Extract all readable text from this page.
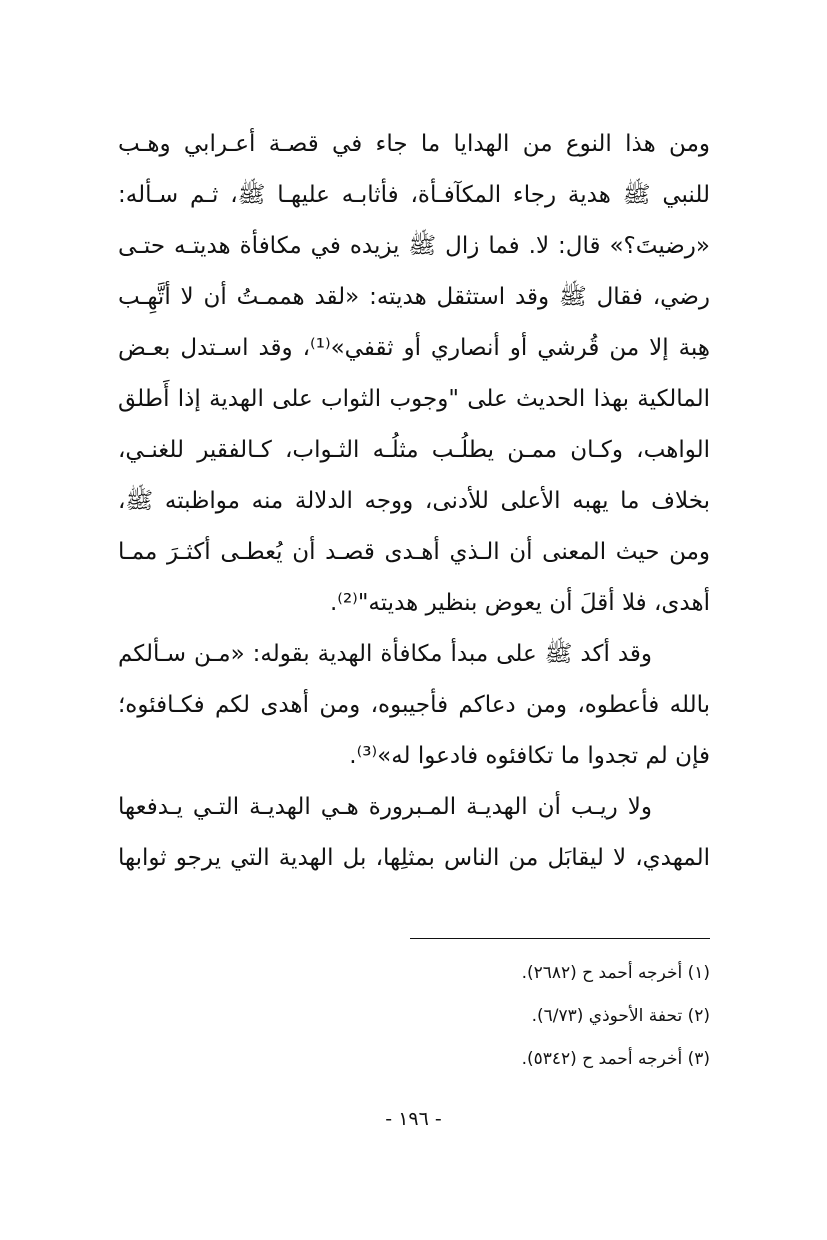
ومن هذا النوع من الهدايا ما جاء في قصـة أعـرابي وهـب
للنبي ﷺ هدية رجاء المكآفـأة، فأثابـه عليهـا ﷺ، ثـم سـأله:
«رضيتَ؟» قال: لا. فما زال ﷺ يزيده في مكافأة هديتـه حتـى
رضي، فقال ﷺ وقد استثقل هديته: «لقد هممـتُ أن لا أتَّهِـب
هِبة إلا من قُرشي أو أنصاري أو ثقفي»⁽¹⁾، وقد اسـتدل بعـض
المالكية بهذا الحديث على "وجوب الثواب على الهدية إذا أَطلق
الواهب، وكـان ممـن يطلُـب مثلُـه الثـواب، كـالفقير للغنـي،
بخلاف ما يهبه الأعلى للأدنى، ووجه الدلالة منه مواظبته ﷺ،
ومن حيث المعنى أن الـذي أهـدى قصـد أن يُعطـى أكثـرَ ممـا
أهدى، فلا أقلَ أن يعوض بنظير هديته"⁽²⁾.
وقد أكد ﷺ على مبدأ مكافأة الهدية بقوله: «مـن سـألكم
بالله فأعطوه، ومن دعاكم فأجيبوه، ومن أهدى لكم فكـافئوه؛
فإن لم تجدوا ما تكافئوه فادعوا له»⁽³⁾.
ولا ريـب أن الهديـة المـبرورة هـي الهديـة التـي يـدفعها
المهدي، لا ليقابَل من الناس بمثلِها، بل الهدية التي يرجو ثوابها
(١) أخرجه أحمد ح (٢٦٨٢).
(٢) تحفة الأحوذي (٦/٧٣).
(٣) أخرجه أحمد ح (٥٣٤٢).
- ١٩٦ -
